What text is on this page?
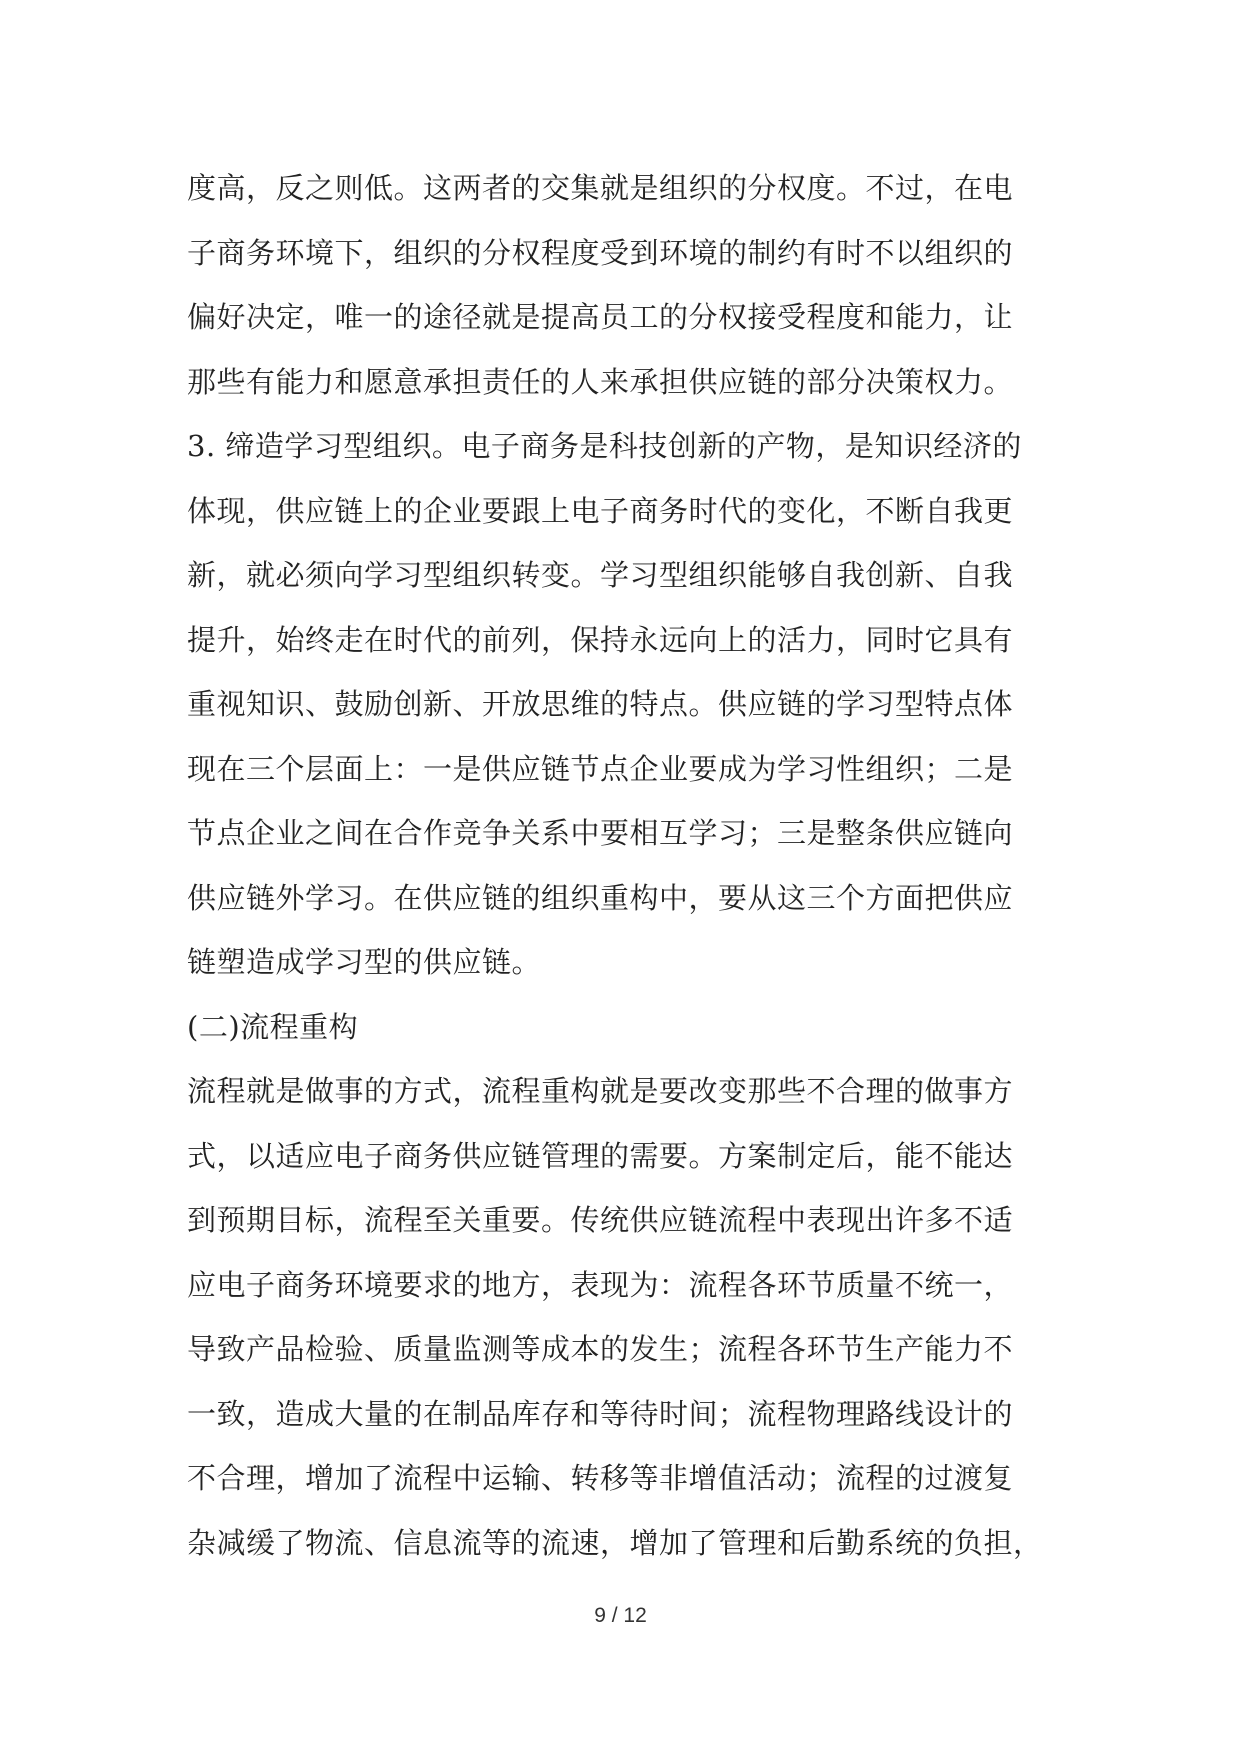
度高，反之则低。这两者的交集就是组织的分权度。不过，在电
子商务环境下，组织的分权程度受到环境的制约有时不以组织的
偏好决定，唯一的途径就是提高员工的分权接受程度和能力，让
那些有能力和愿意承担责任的人来承担供应链的部分决策权力。
3. 缔造学习型组织。电子商务是科技创新的产物，是知识经济的
体现，供应链上的企业要跟上电子商务时代的变化，不断自我更
新，就必须向学习型组织转变。学习型组织能够自我创新、自我
提升，始终走在时代的前列，保持永远向上的活力，同时它具有
重视知识、鼓励创新、开放思维的特点。供应链的学习型特点体
现在三个层面上：一是供应链节点企业要成为学习性组织；二是
节点企业之间在合作竞争关系中要相互学习；三是整条供应链向
供应链外学习。在供应链的组织重构中，要从这三个方面把供应
链塑造成学习型的供应链。
(二)流程重构
流程就是做事的方式，流程重构就是要改变那些不合理的做事方
式，以适应电子商务供应链管理的需要。方案制定后，能不能达
到预期目标，流程至关重要。传统供应链流程中表现出许多不适
应电子商务环境要求的地方，表现为：流程各环节质量不统一，
导致产品检验、质量监测等成本的发生；流程各环节生产能力不
一致，造成大量的在制品库存和等待时间；流程物理路线设计的
不合理，增加了流程中运输、转移等非增值活动；流程的过渡复
杂减缓了物流、信息流等的流速，增加了管理和后勤系统的负担，
9 / 12
